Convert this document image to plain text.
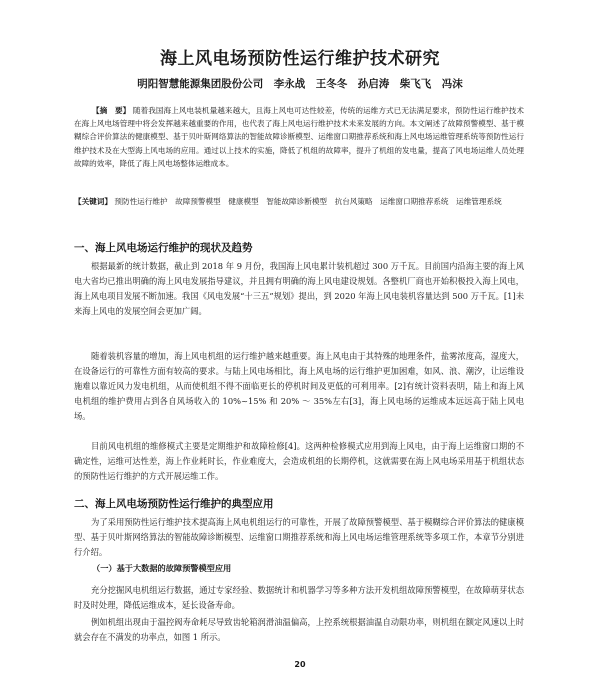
海上风电场预防性运行维护技术研究
明阳智慧能源集团股份公司　李永战　王冬冬　孙启涛　柴飞飞　冯沫
【摘　要】 随着我国海上风电装机量越来越大，且海上风电可达性较差，传统的运维方式已无法满足要求，预防性运行维护技术在海上风电场管理中将会发挥越来越重要的作用，也代表了海上风电运行维护技术未来发展的方向。本文阐述了故障预警模型、基于模糊综合评价算法的健康模型、基于贝叶斯网络算法的智能故障诊断模型、运维窗口期推荐系统和海上风电场运维管理系统等预防性运行维护技术及在大型海上风电场的应用。通过以上技术的实施，降低了机组的故障率，提升了机组的发电量，提高了风电场运维人员处理故障的效率，降低了海上风电场整体运维成本。
【关键词】 预防性运行维护　故障预警模型　健康模型　智能故障诊断模型　抗台风策略　运维窗口期推荐系统　运维管理系统
一、海上风电场运行维护的现状及趋势

根据最新的统计数据，截止到 2018 年 9 月份，我国海上风电累计装机超过 300 万千瓦。目前国内沿海主要的海上风电大省均已推出明确的海上风电发展指导建议，并且拥有明确的海上风电建设规划。各整机厂商也开始积极投入海上风电，海上风电项目发展不断加速。我国《风电发展“十三五”规划》提出，到 2020 年海上风电装机容量达到 500 万千瓦。[1]未来海上风电的发展空间会更加广阔。

随着装机容量的增加，海上风电机组的运行维护越来越重要。海上风电由于其特殊的地理条件，盐雾浓度高，湿度大，在设备运行的可靠性方面有较高的要求。与陆上风电场相比，海上风电场的运行维护更加困难，如风、浪、潮汐，让运维设施难以靠近风力发电机组，从而使机组不得不面临更长的停机时间及更低的可利用率。[2]有统计资料表明，陆上和海上风电机组的维护费用占到各自风场收入的 10%~15% 和 20% ～ 35%左右[3]，海上风电场的运维成本远远高于陆上风电场。

目前风电机组的维修模式主要是定期维护和故障检修[4]。这两种检修模式应用到海上风电，由于海上运维窗口期的不确定性，运维可达性差，海上作业耗时长，作业难度大，会造成机组的长期停机，这就需要在海上风电场采用基于机组状态的预防性运行维护的方式开展运维工作。

二、海上风电场预防性运行维护的典型应用

为了采用预防性运行维护技术提高海上风电机组运行的可靠性，开展了故障预警模型、基于模糊综合评价算法的健康模型、基于贝叶斯网络算法的智能故障诊断模型、运维窗口期推荐系统和海上风电场运维管理系统等多项工作，本章节分别进行介绍。

（一）基于大数据的故障预警模型应用

充分挖掘风电机组运行数据，通过专家经验、数据统计和机器学习等多种方法开发机组故障预警模型，在故障萌芽状态时及时处理，降低运维成本，延长设备寿命。

例如机组出现由于温控阀寿命耗尽导致齿轮箱润滑油温偏高，上控系统根据油温自动限功率，则机组在额定风速以上时就会存在不满发的功率点，如图 1 所示。

20
